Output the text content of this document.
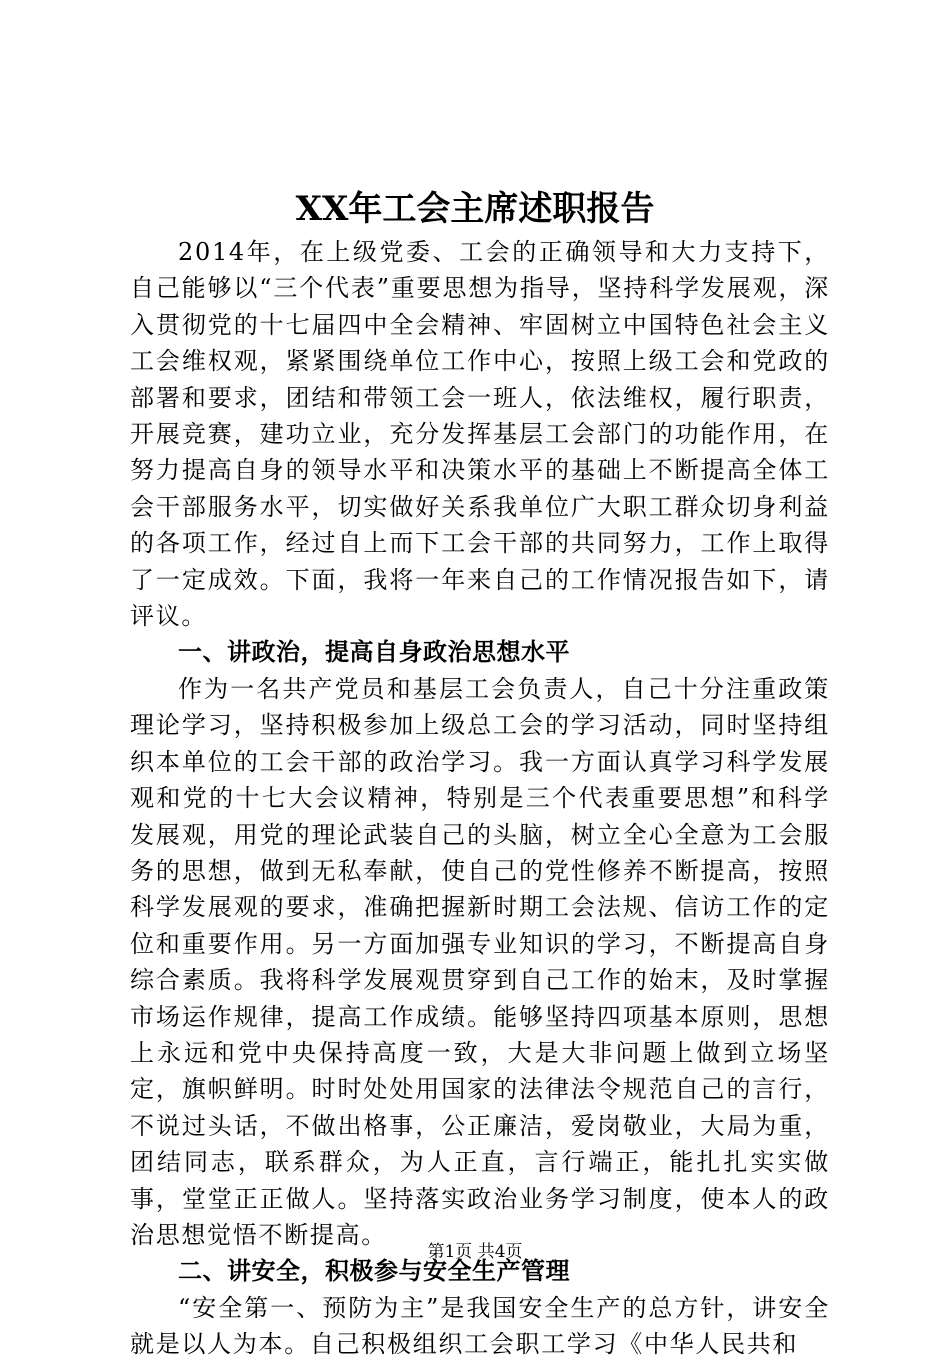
XX年工会主席述职报告

2014年，在上级党委、工会的正确领导和大力支持下，自己能够以“三个代表”重要思想为指导，坚持科学发展观，深入贯彻党的十七届四中全会精神、牢固树立中国特色社会主义工会维权观，紧紧围绕单位工作中心，按照上级工会和党政的部署和要求，团结和带领工会一班人，依法维权，履行职责，开展竞赛，建功立业，充分发挥基层工会部门的功能作用，在努力提高自身的领导水平和决策水平的基础上不断提高全体工会干部服务水平，切实做好关系我单位广大职工群众切身利益的各项工作，经过自上而下工会干部的共同努力，工作上取得了一定成效。下面，我将一年来自己的工作情况报告如下，请评议。

一、讲政治，提高自身政治思想水平

作为一名共产党员和基层工会负责人，自己十分注重政策理论学习，坚持积极参加上级总工会的学习活动，同时坚持组织本单位的工会干部的政治学习。我一方面认真学习科学发展观和党的十七大会议精神，特别是三个代表重要思想”和科学发展观，用党的理论武装自己的头脑，树立全心全意为工会服务的思想，做到无私奉献，使自己的党性修养不断提高，按照科学发展观的要求，准确把握新时期工会法规、信访工作的定位和重要作用。另一方面加强专业知识的学习，不断提高自身综合素质。我将科学发展观贯穿到自己工作的始末，及时掌握市场运作规律，提高工作成绩。能够坚持四项基本原则，思想上永远和党中央保持高度一致，大是大非问题上做到立场坚定，旗帜鲜明。时时处处用国家的法律法令规范自己的言行，不说过头话，不做出格事，公正廉洁，爱岗敬业，大局为重，团结同志，联系群众，为人正直，言行端正，能扎扎实实做事，堂堂正正做人。坚持落实政治业务学习制度，使本人的政治思想觉悟不断提高。

二、讲安全，积极参与安全生产管理

“安全第一、预防为主”是我国安全生产的总方针，讲安全就是以人为本。自己积极组织工会职工学习《中华人民共和

第1页 共4页
